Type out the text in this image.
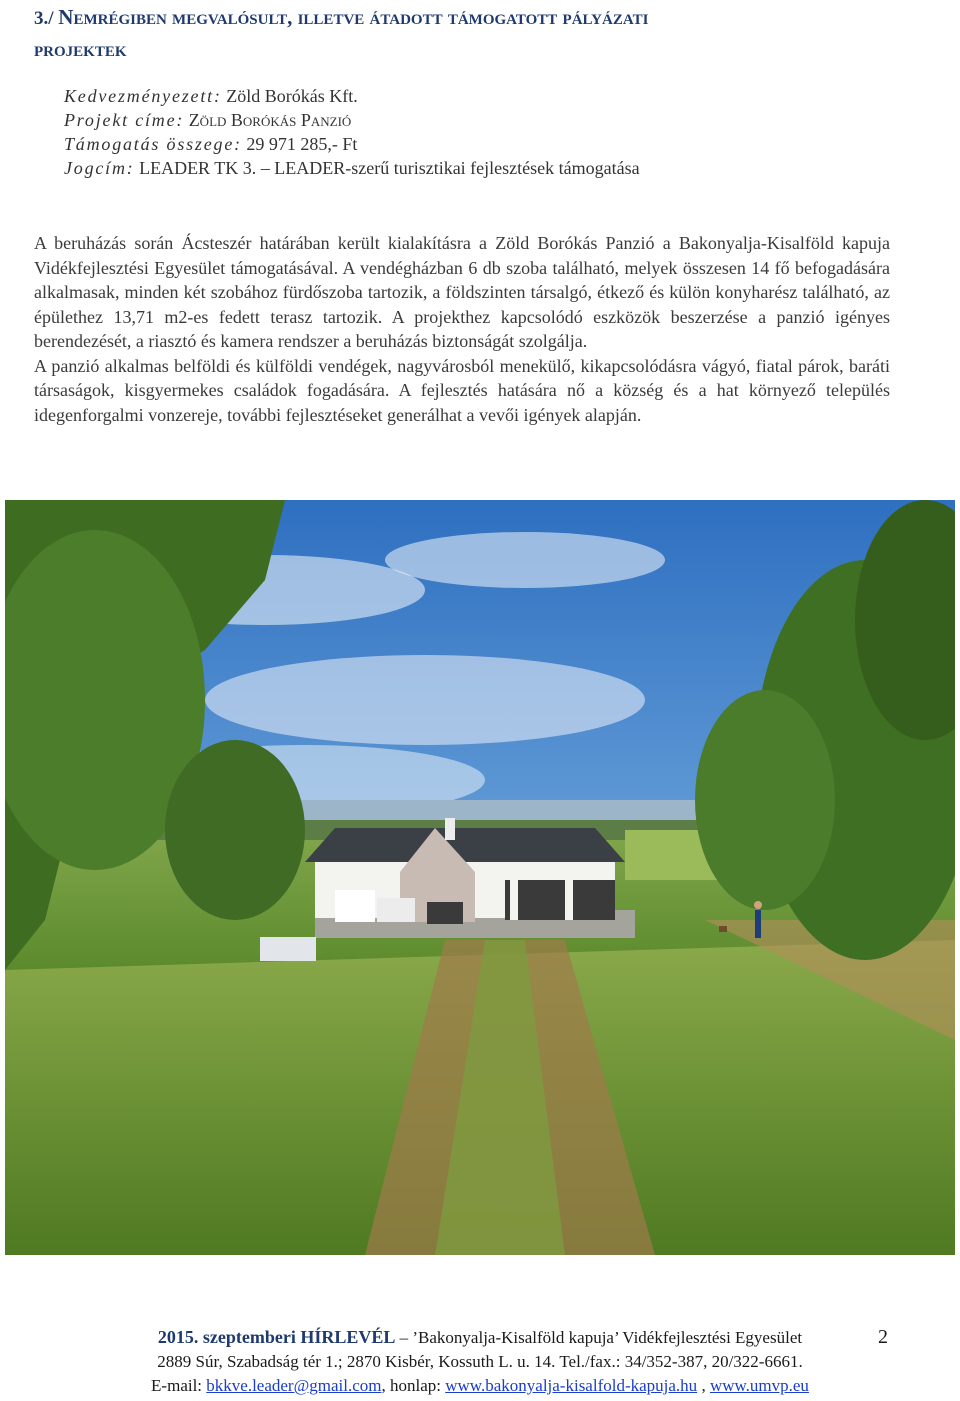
3./ Nemrégiben megvalósult, illetve átadott támogatott pályázati
projektek
Kedvezményezett: Zöld Borókás Kft.
Projekt címe: Zöld Borókás Panzió
Támogatás összege: 29 971 285,- Ft
Jogcím: LEADER TK 3. – LEADER-szerű turisztikai fejlesztések támogatása

A beruházás során Ácsteszér határában került kialakításra a Zöld Borókás Panzió a Bakonyalja-Kisalföld kapuja Vidékfejlesztési Egyesület támogatásával. A vendégházban 6 db szoba található, melyek összesen 14 fő befogadására alkalmasak, minden két szobához fürdőszoba tartozik, a földszinten társalgó, étkező és külön konyharész található, az épülethez 13,71 m2-es fedett terasz tartozik. A projekthez kapcsolódó eszközök beszerzése a panzió igényes berendezését, a riasztó és kamera rendszer a beruházás biztonságát szolgálja.

A panzió alkalmas belföldi és külföldi vendégek, nagyvárosból menekülő, kikapcsolódásra vágyó, fiatal párok, baráti társaságok, kisgyermekes családok fogadására. A fejlesztés hatására nő a község és a hat környező település idegenforgalmi vonzereje, további fejlesztéseket generálhat a vevői igények alapján.

2015. szeptemberi HÍRLEVÉL – ’Bakonyalja-Kisalföld kapuja’ Vidékfejlesztési Egyesület
2889 Súr, Szabadság tér 1.; 2870 Kisbér, Kossuth L. u. 14. Tel./fax.: 34/352-387, 20/322-6661.
E-mail: bkkve.leader@gmail.com, honlap: www.bakonyalja-kisalfold-kapuja.hu , www.umvp.eu
2
